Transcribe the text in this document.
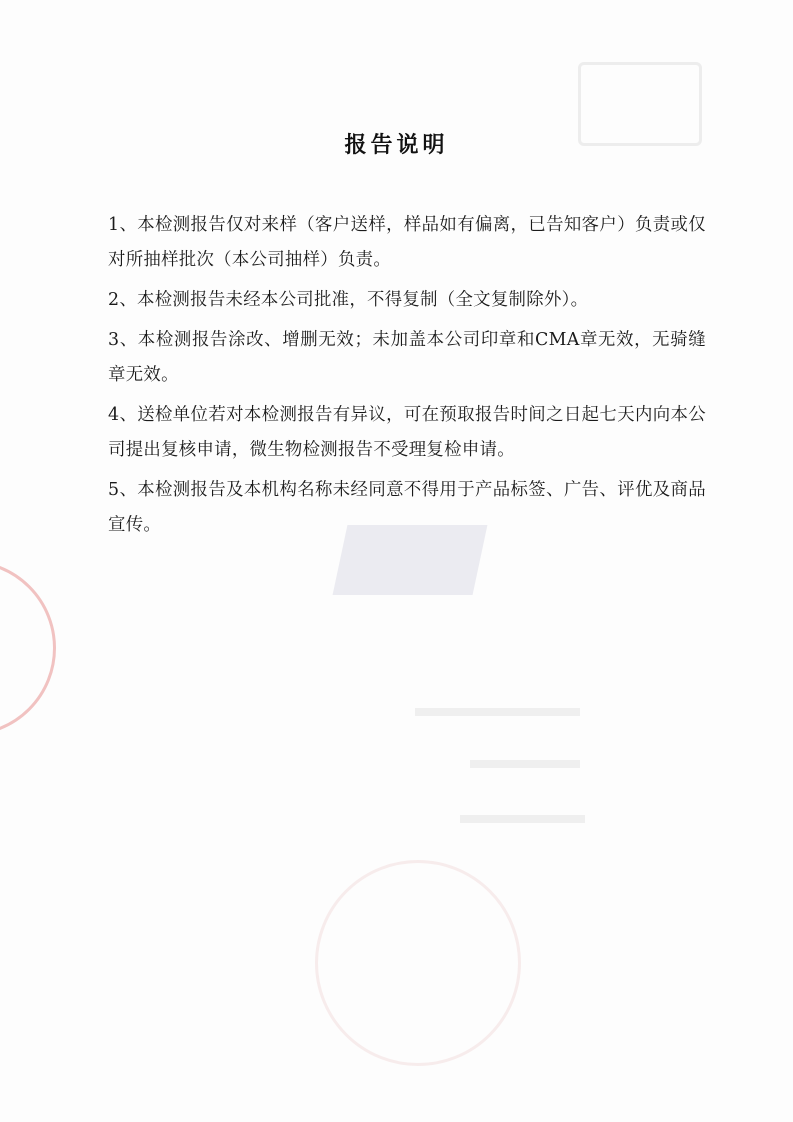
报告说明

1、本检测报告仅对来样（客户送样，样品如有偏离，已告知客户）负责或仅对所抽样批次（本公司抽样）负责。

2、本检测报告未经本公司批准，不得复制（全文复制除外）。

3、本检测报告涂改、增删无效；未加盖本公司印章和CMA章无效，无骑缝章无效。

4、送检单位若对本检测报告有异议，可在预取报告时间之日起七天内向本公司提出复核申请，微生物检测报告不受理复检申请。

5、本检测报告及本机构名称未经同意不得用于产品标签、广告、评优及商品宣传。
